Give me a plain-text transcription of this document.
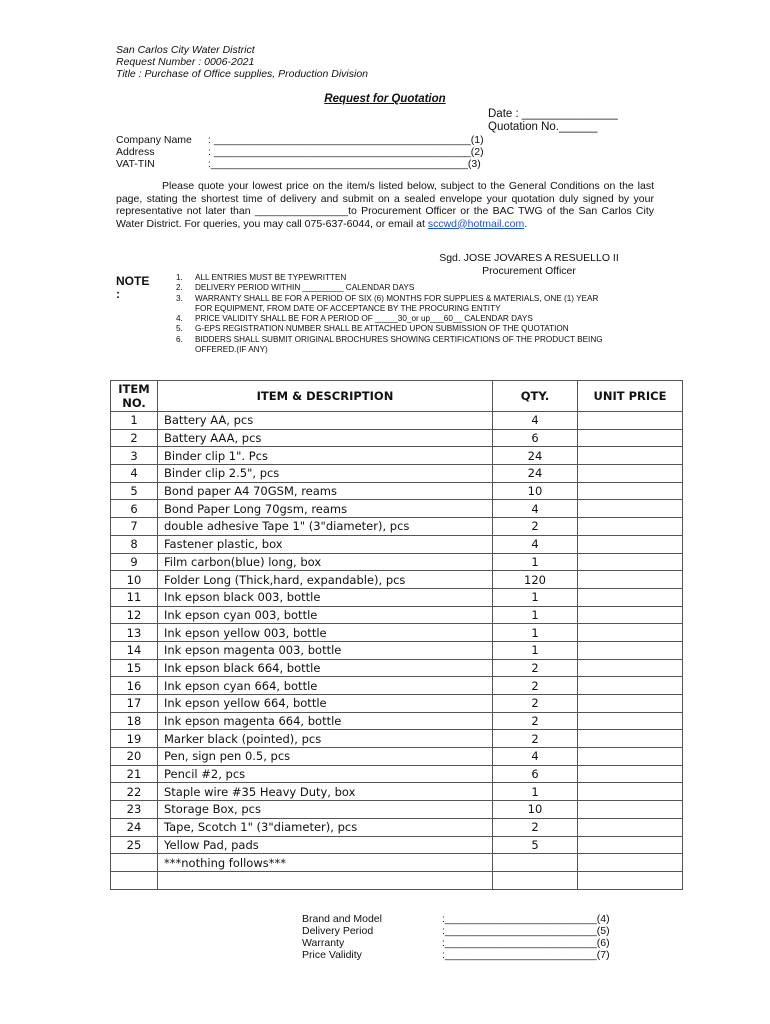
San Carlos City Water District
Request Number : 0006-2021
Title : Purchase of Office supplies, Production Division
Request for Quotation
Date : _______________
Quotation No.______
Company Name	: ____________________________________________(1)
Address	: ____________________________________________(2)
VAT-TIN	:____________________________________________(3)
Please quote your lowest price on the item/s listed below, subject to the General Conditions on the last page, stating the shortest time of delivery and submit on a sealed envelope your quotation duly signed by your representative not later than ________________to Procurement Officer or the BAC TWG of the San Carlos City Water District. For queries, you may call 075-637-6044, or email at sccwd@hotmail.com.
Sgd. JOSE JOVARES A RESUELLO II
Procurement Officer
NOTE :
1.	ALL ENTRIES MUST BE TYPEWRITTEN
2.	DELIVERY PERIOD WITHIN _________ CALENDAR DAYS
3.	WARRANTY SHALL BE FOR A PERIOD OF SIX (6) MONTHS FOR SUPPLIES & MATERIALS, ONE (1) YEAR FOR EQUIPMENT, FROM DATE OF ACCEPTANCE BY THE PROCURING ENTITY
4.	PRICE VALIDITY SHALL BE FOR A PERIOD OF _____30_or up___60__ CALENDAR DAYS
5.	G-EPS REGISTRATION NUMBER SHALL BE ATTACHED UPON SUBMISSION OF THE QUOTATION
6.	BIDDERS SHALL SUBMIT ORIGINAL BROCHURES SHOWING CERTIFICATIONS OF THE PRODUCT BEING OFFERED.(IF ANY)
ITEM NO.	ITEM & DESCRIPTION	QTY.	UNIT PRICE
1	Battery AA, pcs	4	
2	Battery AAA, pcs	6	
3	Binder clip 1". Pcs	24	
4	Binder clip 2.5", pcs	24	
5	Bond paper A4 70GSM, reams	10	
6	Bond Paper Long 70gsm, reams	4	
7	double adhesive Tape 1" (3"diameter), pcs	2	
8	Fastener plastic, box	4	
9	Film carbon(blue) long, box	1	
10	Folder Long (Thick,hard, expandable), pcs	120	
11	Ink epson black 003, bottle	1	
12	Ink epson cyan 003, bottle	1	
13	Ink epson yellow 003, bottle	1	
14	Ink epson magenta 003, bottle	1	
15	Ink epson black 664, bottle	2	
16	Ink epson cyan 664, bottle	2	
17	Ink epson yellow 664, bottle	2	
18	Ink epson magenta 664, bottle	2	
19	Marker black (pointed), pcs	2	
20	Pen, sign pen 0.5, pcs	4	
21	Pencil #2, pcs	6	
22	Staple wire #35 Heavy Duty, box	1	
23	Storage Box, pcs	10	
24	Tape, Scotch 1" (3"diameter), pcs	2	
25	Yellow Pad, pads	5	
	***nothing follows***		

Brand and Model	:__________________________(4)
Delivery Period	:__________________________(5)
Warranty	:__________________________(6)
Price Validity	:__________________________(7)
